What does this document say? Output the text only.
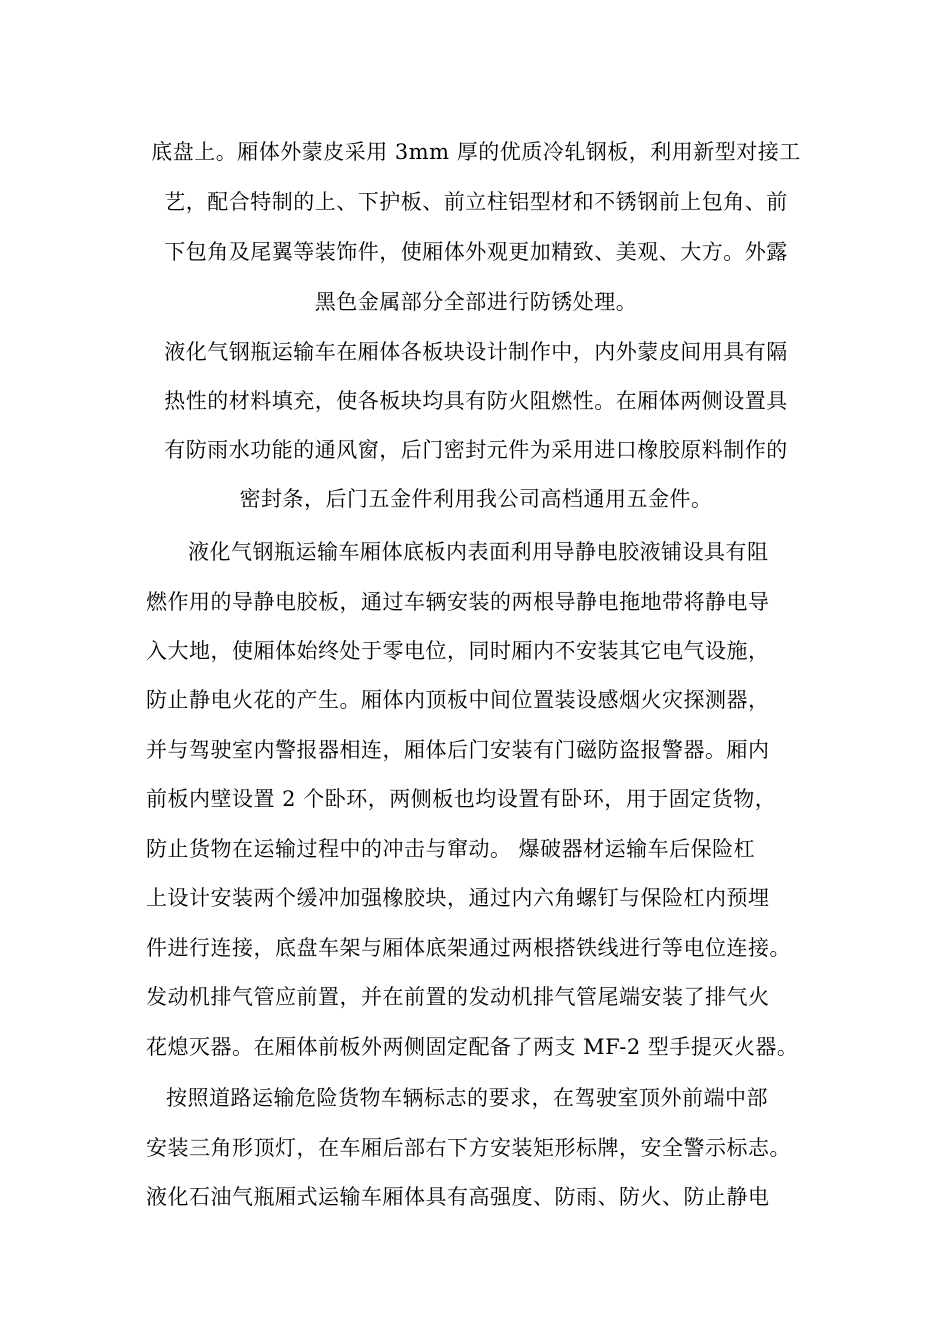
底盘上。厢体外蒙皮采用 3mm 厚的优质冷轧钢板，利用新型对接工
艺，配合特制的上、下护板、前立柱铝型材和不锈钢前上包角、前
下包角及尾翼等装饰件，使厢体外观更加精致、美观、大方。外露
黑色金属部分全部进行防锈处理。
液化气钢瓶运输车在厢体各板块设计制作中，内外蒙皮间用具有隔
热性的材料填充，使各板块均具有防火阻燃性。在厢体两侧设置具
有防雨水功能的通风窗，后门密封元件为采用进口橡胶原料制作的
密封条，后门五金件利用我公司高档通用五金件。
液化气钢瓶运输车厢体底板内表面利用导静电胶液铺设具有阻
燃作用的导静电胶板，通过车辆安装的两根导静电拖地带将静电导
入大地，使厢体始终处于零电位，同时厢内不安装其它电气设施，
防止静电火花的产生。厢体内顶板中间位置装设感烟火灾探测器，
并与驾驶室内警报器相连，厢体后门安装有门磁防盗报警器。厢内
前板内壁设置 2 个卧环，两侧板也均设置有卧环，用于固定货物，
防止货物在运输过程中的冲击与窜动。 爆破器材运输车后保险杠
上设计安装两个缓冲加强橡胶块，通过内六角螺钉与保险杠内预埋
件进行连接，底盘车架与厢体底架通过两根搭铁线进行等电位连接。
发动机排气管应前置，并在前置的发动机排气管尾端安装了排气火
花熄灭器。在厢体前板外两侧固定配备了两支 MF-2 型手提灭火器。
按照道路运输危险货物车辆标志的要求，在驾驶室顶外前端中部
安装三角形顶灯，在车厢后部右下方安装矩形标牌，安全警示标志。
液化石油气瓶厢式运输车厢体具有高强度、防雨、防火、防止静电
